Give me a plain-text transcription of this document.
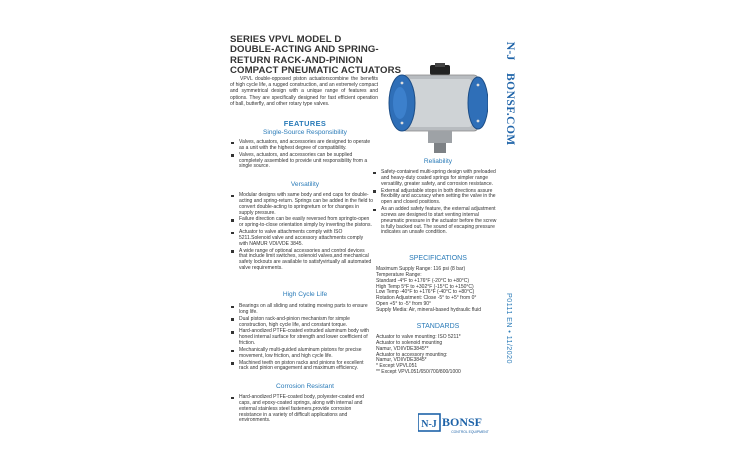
SERIES VPVL MODEL D
DOUBLE-ACTING AND SPRING-
RETURN RACK-AND-PINION
COMPACT PNEUMATIC ACTUATORS
VPVL double-opposed piston actuatorscombine the benefits of high cycle life, a rugged construction, and an extremely compact and symmetrical design with a unique range of features and options. They are specifically designed for fast efficient operation of ball, butterfly, and other rotary type valves.
FEATURES
Single-Source Responsibility
Valves, actuators, and accessories are designed to operate as a unit with the highest degree of compatibility.
Valves, actuators, and accessories can be supplied completely assembled to provide unit responsibility from a single source.
Versatility
Modular designs with same body and end caps for double-acting and spring-return. Springs can be added in the field to convert double-acting to springreturn or for changes in supply pressure.
Failure direction can be easily reversed from springto-open or spring-to-close orientation simply by inverting the pistons.
Actuator to valve attachments comply with ISO 5211.Solenoid valve and accessory attachments comply with NAMUR VDI/VDE 3845.
A wide range of optional accessories and control devices that include limit switches, solenoid valves,and mechanical safety lockouts are available to satisfyvirtually all automated valve requirements.
High Cycle Life
Bearings on all sliding and rotating moving parts to ensure long life.
Dual piston rack-and-pinion mechanism for simple construction, high cycle life, and constant torque.
Hard-anodized PTFE-coated extruded aluminum body with honed internal surface for strength and lower coefficient of friction.
Mechanically multi-guided aluminum pistons for precise movement, low friction, and high cycle life.
Machined teeth on piston racks and pinions for excellent rack and pinion engagement and maximum efficiency.
Corrosion Resistant
Hard-anodized PTFE-coated body, polyester-coated end caps, and epoxy-coated springs, along with internal and external stainless steel fasteners,provide corrosion resistance in a variety of difficult applications and environments.
Reliability
Safety-contained multi-spring design with preloaded and heavy-duty coated springs for simpler range versatility, greater safety, and corrosion resistance.
External adjustable stops in both directions assure flexibility and accuracy when setting the valve in the open and closed positions.
As an added safety feature, the external adjustment screws are designed to start venting internal pneumatic pressure in the actuator before the screw is fully backed out. The sound of escaping pressure indicates an unsafe condition.
SPECIFICATIONS
Maximum Supply Range: 116 psi (8 bar)
Temperature Range:
Standard -4°F to +176°F (-20°C to +80°C)
High Temp 5°F to +302°F (-15°C to +150°C)
Low Temp -40°F to +176°F (-40°C to +80°C)
Rotation Adjustment: Close -5° to +5° from 0°
Open +5° to -5° from 90°
Supply Media: Air, mineral-based hydraulic fluid
STANDARDS
Actuator to valve mounting: ISO 5211*
Actuator to solenoid mounting
Namur, VDI/VDE3845**
Actuator to accessory mounting:
Namur, VDI/VDE3845*
* Except VPVL051
** Except VPVL051/650/700/800/1000
N-J BONSF
CONTROL EQUIPMENT
N-J
BONSF.COM
P0111 EN • 11/2020
